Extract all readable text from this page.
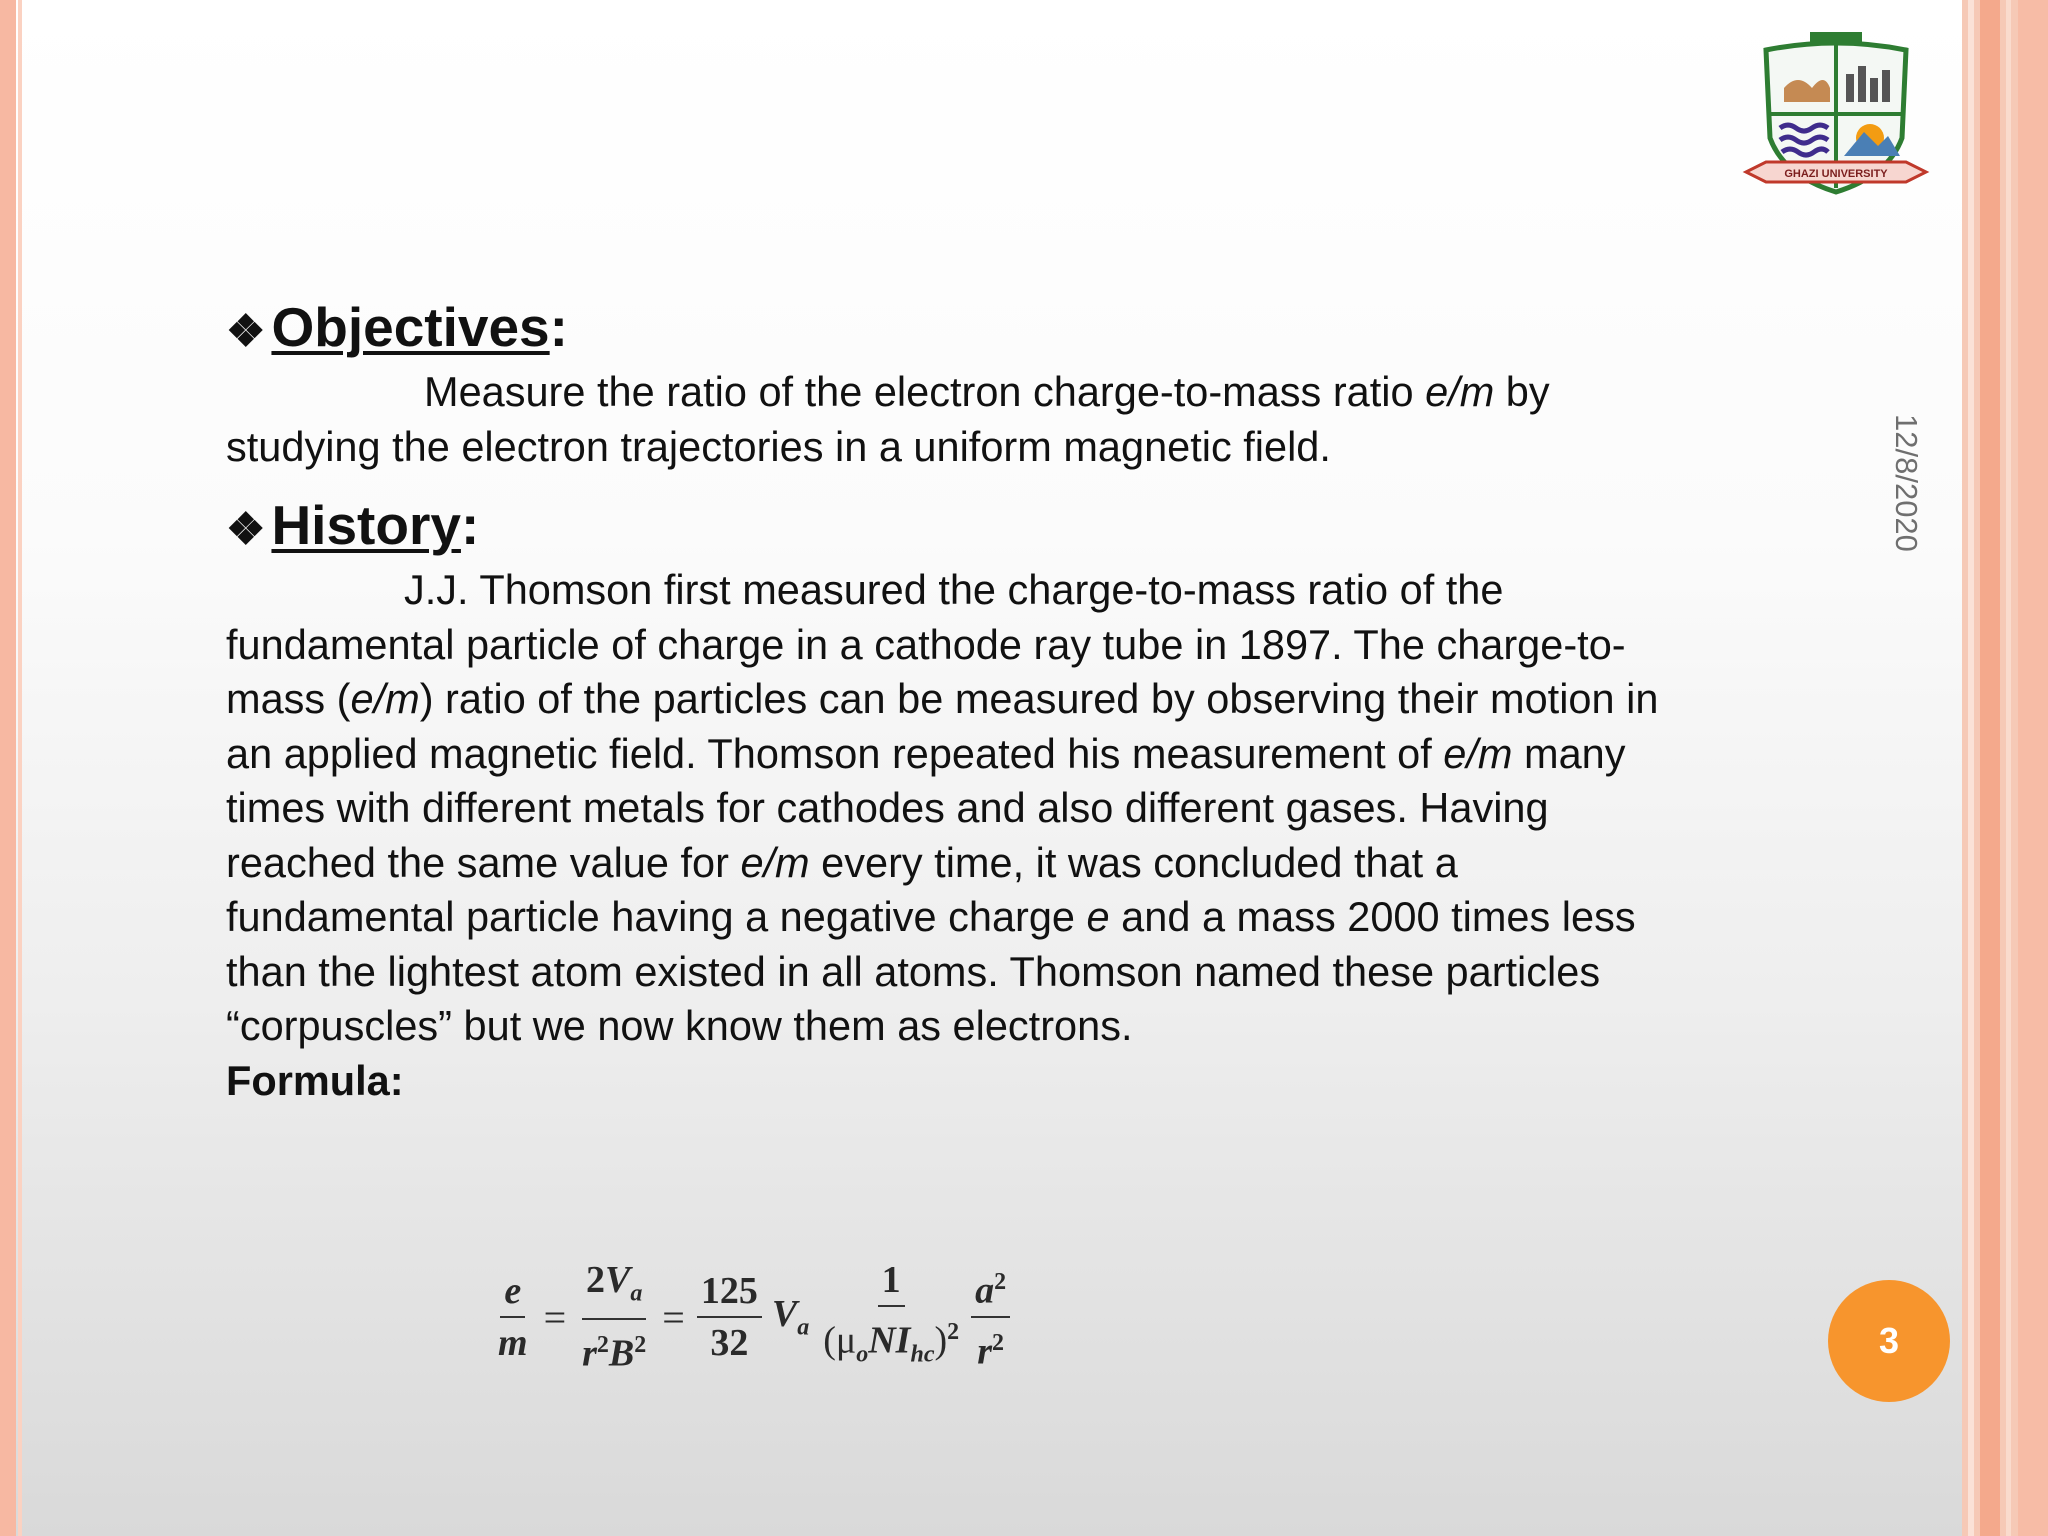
GHAZI UNIVERSITY
12/8/2020
❖ Objectives:
Measure the ratio of the electron charge-to-mass ratio e/m by studying the electron trajectories in a uniform magnetic field.
❖ History:
J.J. Thomson first measured the charge-to-mass ratio of the fundamental particle of charge in a cathode ray tube in 1897. The charge-to-mass (e/m) ratio of the particles can be measured by observing their motion in an applied magnetic field. Thomson repeated his measurement of e/m many times with different metals for cathodes and also different gases. Having reached the same value for e/m every time, it was concluded that a fundamental particle having a negative charge e and a mass 2000 times less than the lightest atom existed in all atoms. Thomson named these particles “corpuscles” but we now know them as electrons.
Formula:
$\frac{e}{m} = \frac{2V_a}{r^2B^2} = \frac{125}{32} V_a \frac{1}{(\mu_oNI_{hc})^2} \frac{a^2}{r^2}$	3
